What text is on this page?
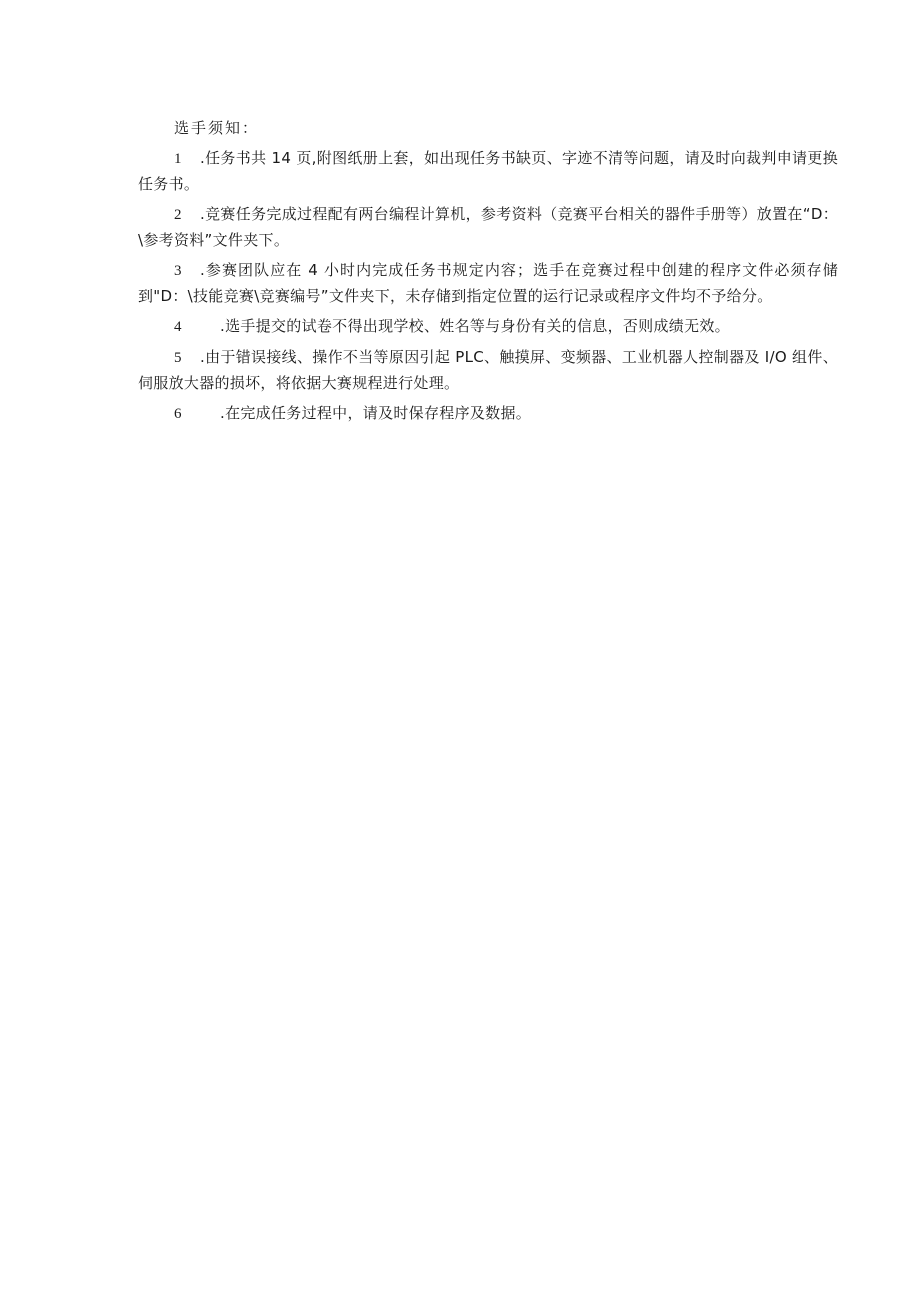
选手须知：

1 .任务书共 14 页,附图纸册上套，如出现任务书缺页、字迹不清等问题，请及时向裁判申请更换任务书。

2 .竞赛任务完成过程配有两台编程计算机，参考资料（竞赛平台相关的器件手册等）放置在“D：\参考资料”文件夹下。

3 .参赛团队应在 4 小时内完成任务书规定内容；选手在竞赛过程中创建的程序文件必须存储到"D：\技能竞赛\竞赛编号”文件夹下，未存储到指定位置的运行记录或程序文件均不予给分。

4	.选手提交的试卷不得出现学校、姓名等与身份有关的信息，否则成绩无效。

5 .由于错误接线、操作不当等原因引起 PLC、触摸屏、变频器、工业机器人控制器及 I/O 组件、伺服放大器的损坏，将依据大赛规程进行处理。

6	.在完成任务过程中，请及时保存程序及数据。
